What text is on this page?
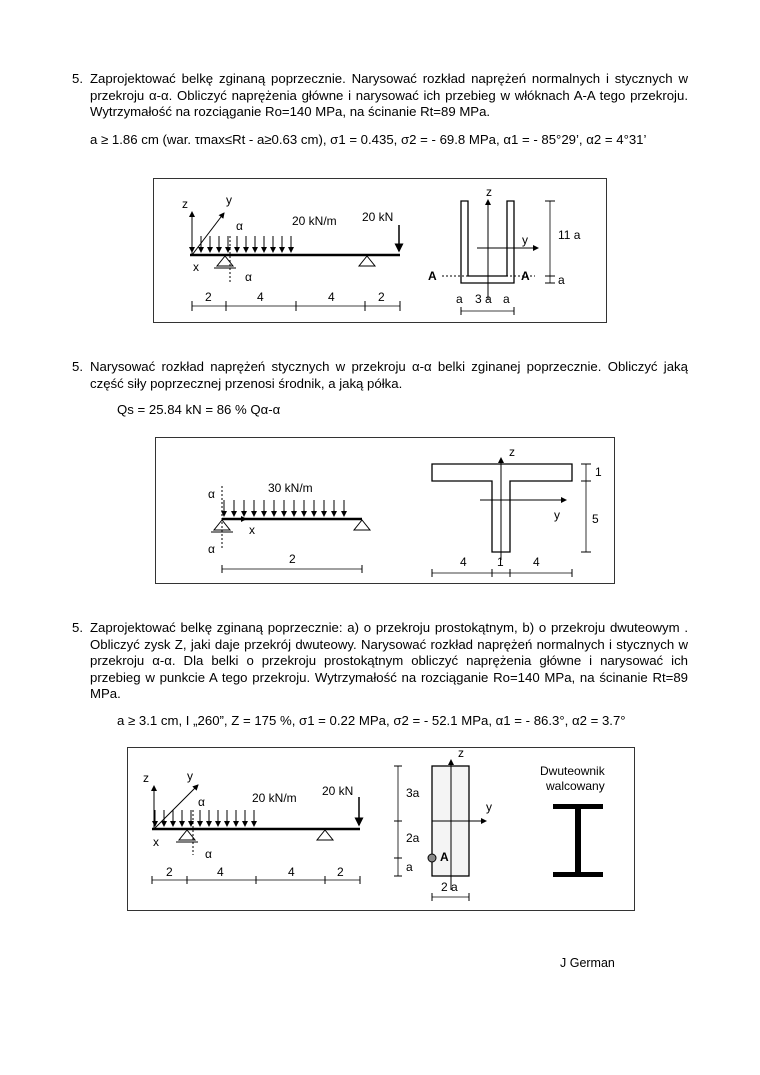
5. Zaprojektować belkę zginaną poprzecznie. Narysować rozkład naprężeń normalnych i stycznych w przekroju α-α. Obliczyć naprężenia główne i narysować ich przebieg w włóknach A-A tego przekroju. Wytrzymałość na rozciąganie Ro=140 MPa, na ścinanie Rt=89 MPa.
a ≥ 1.86 cm (war. τmax≤Rt - a≥0.63 cm), σ1 = 0.435, σ2 = - 69.8 MPa, α1 = - 85°29’, α2 = 4°31’
z	y
x
α
α
20 kN/m 20 kN
2	4	4	2
z
y
A	A
11 a
a
a 3 a a
5. Narysować rozkład naprężeń stycznych w przekroju α-α belki zginanej poprzecznie. Obliczyć jaką część siły poprzecznej przenosi środnik, a jaką półka.
Qs = 25.84 kN = 86 % Qα-α
30 kN/m
α
α
x
2
z
y
1
5
4	1 4
5. Zaprojektować belkę zginaną poprzecznie: a) o przekroju prostokątnym, b) o przekroju dwuteowym . Obliczyć zysk Z, jaki daje przekrój dwuteowy. Narysować rozkład naprężeń normalnych i stycznych w przekroju α-α. Dla belki o przekroju prostokątnym obliczyć naprężenia główne i narysować ich przebieg w punkcie A tego przekroju. Wytrzymałość na rozciąganie Ro=140 MPa, na ścinanie Rt=89 MPa.
a ≥ 3.1 cm, I „260”, Z = 175 %, σ1 = 0.22 MPa, σ2 = - 52.1 MPa, α1 = - 86.3°, α2 = 3.7°
z	y
x
α
α
20 kN/m 20 kN
2	4	4	2
z
y
3a
2a
a
A
2 a
Dwuteownik
walcowany
J German
